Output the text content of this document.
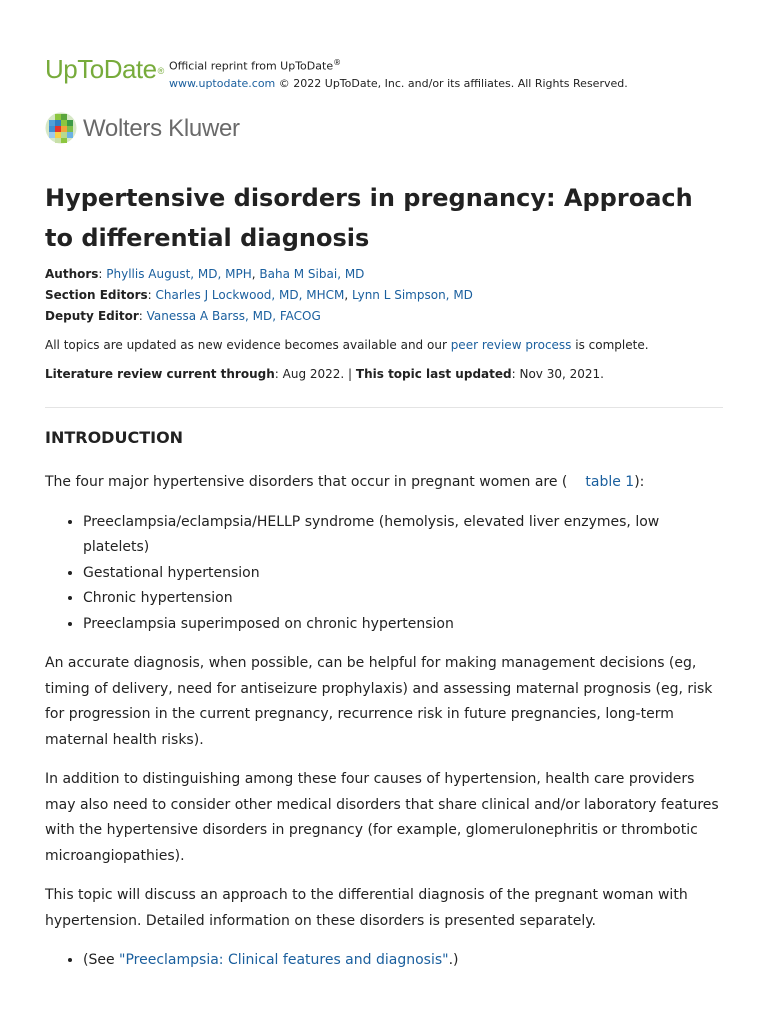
UpToDate® Official reprint from UpToDate®
www.uptodate.com © 2022 UpToDate, Inc. and/or its affiliates. All Rights Reserved.
Wolters Kluwer
Hypertensive disorders in pregnancy: Approach to differential diagnosis
Authors: Phyllis August, MD, MPH, Baha M Sibai, MD
Section Editors: Charles J Lockwood, MD, MHCM, Lynn L Simpson, MD
Deputy Editor: Vanessa A Barss, MD, FACOG
All topics are updated as new evidence becomes available and our peer review process is complete.
Literature review current through: Aug 2022. | This topic last updated: Nov 30, 2021.
INTRODUCTION

The four major hypertensive disorders that occur in pregnant women are ( table 1):

• Preeclampsia/eclampsia/HELLP syndrome (hemolysis, elevated liver enzymes, low platelets)
• Gestational hypertension
• Chronic hypertension
• Preeclampsia superimposed on chronic hypertension

An accurate diagnosis, when possible, can be helpful for making management decisions (eg, timing of delivery, need for antiseizure prophylaxis) and assessing maternal prognosis (eg, risk for progression in the current pregnancy, recurrence risk in future pregnancies, long-term maternal health risks).

In addition to distinguishing among these four causes of hypertension, health care providers may also need to consider other medical disorders that share clinical and/or laboratory features with the hypertensive disorders in pregnancy (for example, glomerulonephritis or thrombotic microangiopathies).

This topic will discuss an approach to the differential diagnosis of the pregnant woman with hypertension. Detailed information on these disorders is presented separately.

• (See "Preeclampsia: Clinical features and diagnosis".)
